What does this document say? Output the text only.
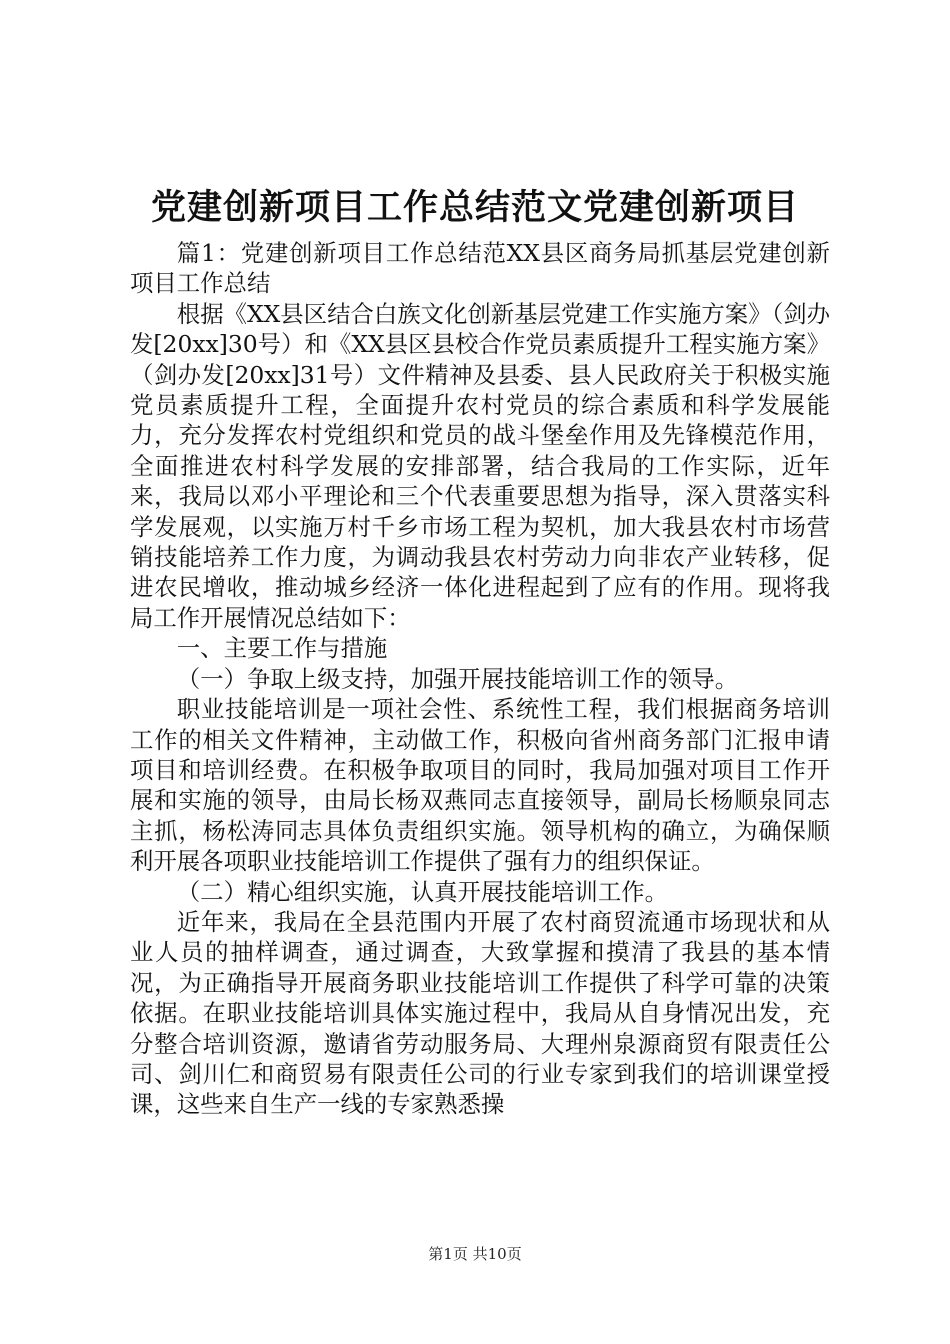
党建创新项目工作总结范文党建创新项目

篇1：党建创新项目工作总结范XX县区商务局抓基层党建创新项目工作总结

根据《XX县区结合白族文化创新基层党建工作实施方案》（剑办发[20xx]30号）和《XX县区县校合作党员素质提升工程实施方案》（剑办发[20xx]31号）文件精神及县委、县人民政府关于积极实施党员素质提升工程，全面提升农村党员的综合素质和科学发展能力，充分发挥农村党组织和党员的战斗堡垒作用及先锋模范作用，全面推进农村科学发展的安排部署，结合我局的工作实际，近年来，我局以邓小平理论和三个代表重要思想为指导，深入贯落实科学发展观，以实施万村千乡市场工程为契机，加大我县农村市场营销技能培养工作力度，为调动我县农村劳动力向非农产业转移，促进农民增收，推动城乡经济一体化进程起到了应有的作用。现将我局工作开展情况总结如下：

一、主要工作与措施

（一）争取上级支持，加强开展技能培训工作的领导。

职业技能培训是一项社会性、系统性工程，我们根据商务培训工作的相关文件精神，主动做工作，积极向省州商务部门汇报申请项目和培训经费。在积极争取项目的同时，我局加强对项目工作开展和实施的领导，由局长杨双燕同志直接领导，副局长杨顺泉同志主抓，杨松涛同志具体负责组织实施。领导机构的确立，为确保顺利开展各项职业技能培训工作提供了强有力的组织保证。

（二）精心组织实施，认真开展技能培训工作。

近年来，我局在全县范围内开展了农村商贸流通市场现状和从业人员的抽样调查，通过调查，大致掌握和摸清了我县的基本情况，为正确指导开展商务职业技能培训工作提供了科学可靠的决策依据。在职业技能培训具体实施过程中，我局从自身情况出发，充分整合培训资源，邀请省劳动服务局、大理州泉源商贸有限责任公司、剑川仁和商贸易有限责任公司的行业专家到我们的培训课堂授课，这些来自生产一线的专家熟悉操

第1页 共10页
